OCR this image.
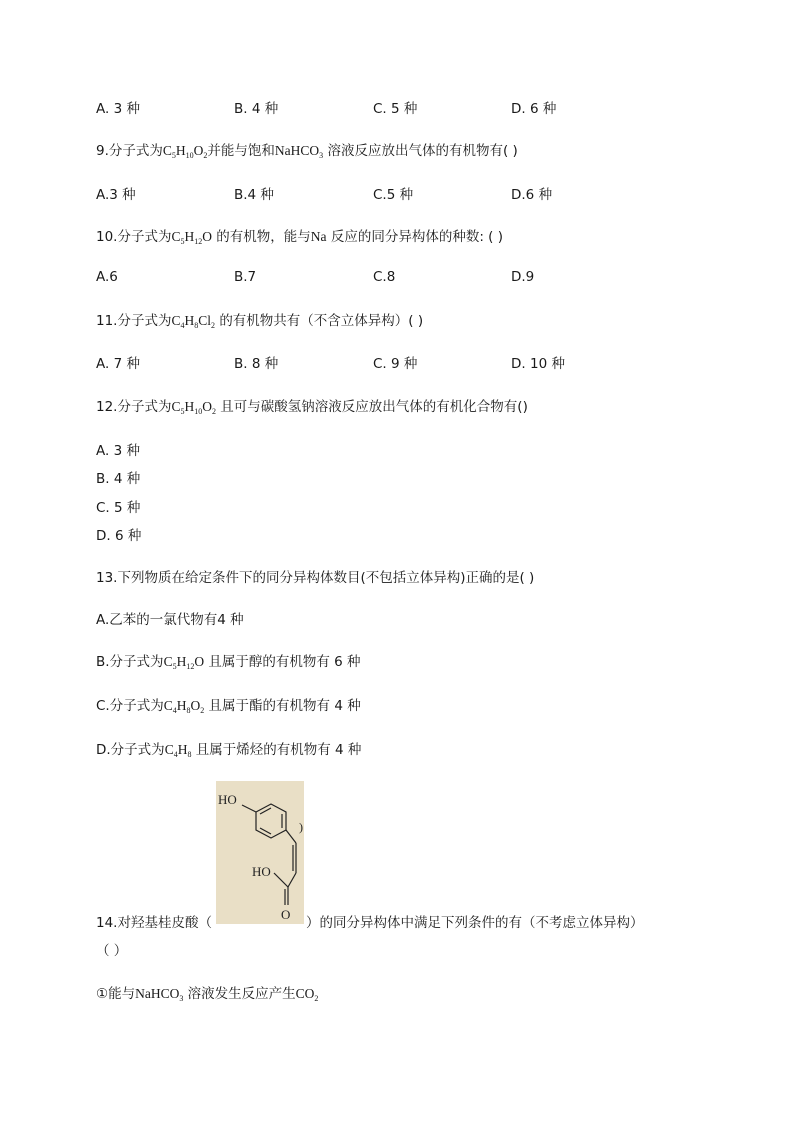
A. 3 种	B. 4 种	C. 5 种	D. 6 种
9.分子式为$C_5H_{10}O_2$并能与饱和NaHCO$_3$ 溶液反应放出气体的有机物有( )
A.3 种	B.4 种	C.5 种	D.6 种
10.分子式为$C_5H_{12}O$ 的有机物，能与Na 反应的同分异构体的种数: ( )
A.6	B.7	C.8	D.9
11.分子式为$C_4H_8Cl_2$ 的有机物共有（不含立体异构）( )
A. 7 种	B. 8 种	C. 9 种	D. 10 种
12.分子式为$C_5H_{10}O_2$ 且可与碳酸氢钠溶液反应放出气体的有机化合物有()
A. 3 种
B. 4 种
C. 5 种
D. 6 种
13.下列物质在给定条件下的同分异构体数目(不包括立体异构)正确的是( )
A.乙苯的一氯代物有4 种
B.分子式为$C_5H_{12}O$ 且属于醇的有机物有 6 种
C.分子式为$C_4H_8O_2$ 且属于酯的有机物有 4 种
D.分子式为$C_4H_8$ 且属于烯烃的有机物有 4 种
HO
)
HO
O
14.对羟基桂皮酸（	）的同分异构体中满足下列条件的有（不考虑立体异构）
（ ）
①能与NaHCO$_3$ 溶液发生反应产生$CO_2$
